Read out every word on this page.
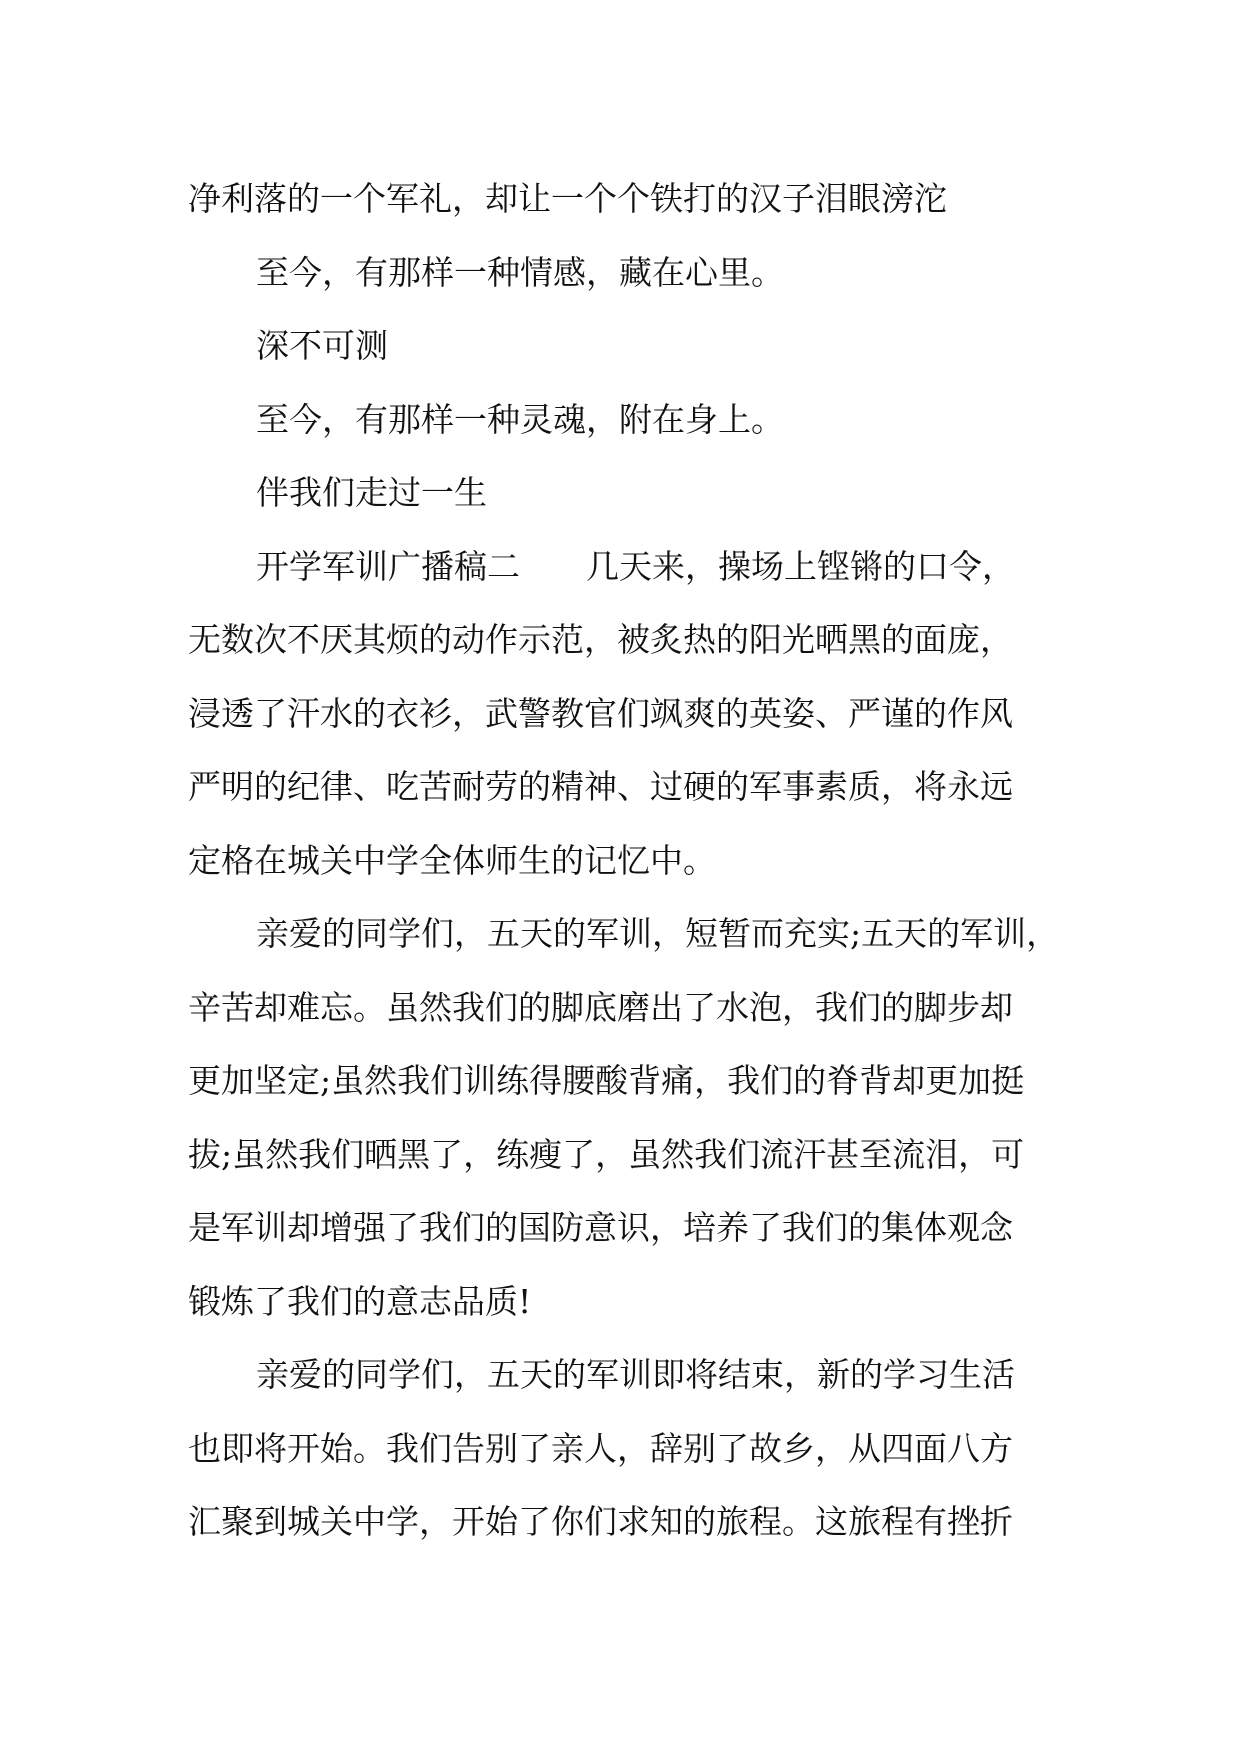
净利落的一个军礼，却让一个个铁打的汉子泪眼滂沱
至今，有那样一种情感，藏在心里。
深不可测
至今，有那样一种灵魂，附在身上。
伴我们走过一生
开学军训广播稿二　　几天来，操场上铿锵的口令，
无数次不厌其烦的动作示范，被炙热的阳光晒黑的面庞，
浸透了汗水的衣衫，武警教官们飒爽的英姿、严谨的作风
严明的纪律、吃苦耐劳的精神、过硬的军事素质，将永远
定格在城关中学全体师生的记忆中。
亲爱的同学们，五天的军训，短暂而充实;五天的军训，
辛苦却难忘。虽然我们的脚底磨出了水泡，我们的脚步却
更加坚定;虽然我们训练得腰酸背痛，我们的脊背却更加挺
拔;虽然我们晒黑了，练瘦了，虽然我们流汗甚至流泪，可
是军训却增强了我们的国防意识，培养了我们的集体观念
锻炼了我们的意志品质!
亲爱的同学们，五天的军训即将结束，新的学习生活
也即将开始。我们告别了亲人，辞别了故乡，从四面八方
汇聚到城关中学，开始了你们求知的旅程。这旅程有挫折
